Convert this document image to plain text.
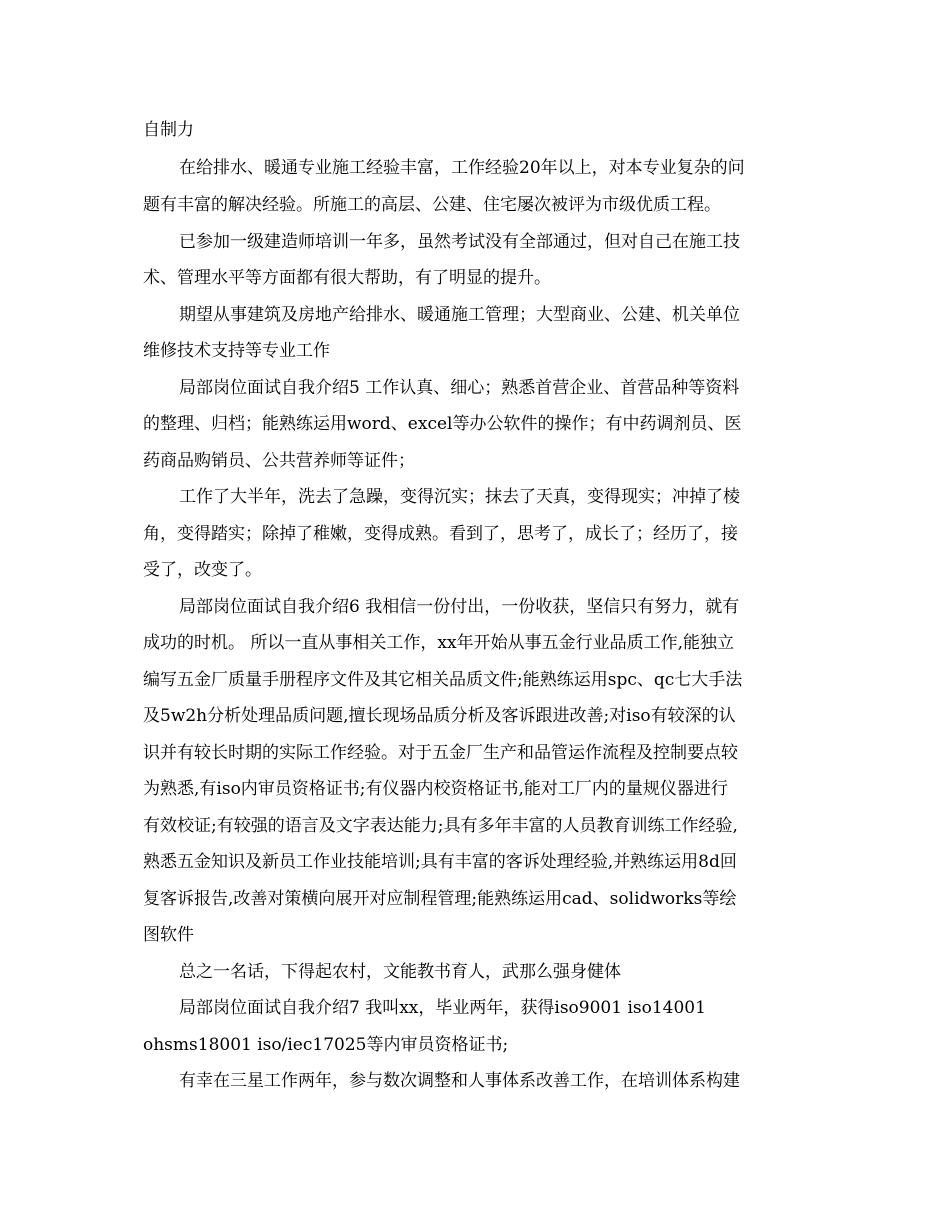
自制力
在给排水、暖通专业施工经验丰富，工作经验20年以上，对本专业复杂的问
题有丰富的解决经验。所施工的高层、公建、住宅屡次被评为市级优质工程。
已参加一级建造师培训一年多，虽然考试没有全部通过，但对自己在施工技
术、管理水平等方面都有很大帮助，有了明显的提升。
期望从事建筑及房地产给排水、暖通施工管理；大型商业、公建、机关单位
维修技术支持等专业工作
局部岗位面试自我介绍5 工作认真、细心；熟悉首营企业、首营品种等资料
的整理、归档；能熟练运用word、excel等办公软件的操作；有中药调剂员、医
药商品购销员、公共营养师等证件；
工作了大半年，洗去了急躁，变得沉实；抹去了天真，变得现实；冲掉了棱
角，变得踏实；除掉了稚嫩，变得成熟。看到了，思考了，成长了；经历了，接
受了，改变了。
局部岗位面试自我介绍6 我相信一份付出，一份收获，坚信只有努力，就有
成功的时机。 所以一直从事相关工作，xx年开始从事五金行业品质工作,能独立
编写五金厂质量手册程序文件及其它相关品质文件;能熟练运用spc、qc七大手法
及5w2h分析处理品质问题,擅长现场品质分析及客诉跟进改善;对iso有较深的认
识并有较长时期的实际工作经验。对于五金厂生产和品管运作流程及控制要点较
为熟悉,有iso内审员资格证书;有仪器内校资格证书,能对工厂内的量规仪器进行
有效校证;有较强的语言及文字表达能力;具有多年丰富的人员教育训练工作经验,
熟悉五金知识及新员工作业技能培训;具有丰富的客诉处理经验,并熟练运用8d回
复客诉报告,改善对策横向展开对应制程管理;能熟练运用cad、solidworks等绘
图软件
总之一名话，下得起农村，文能教书育人，武那么强身健体
局部岗位面试自我介绍7 我叫xx，毕业两年，获得iso9001 iso14001
ohsms18001 iso/iec17025等内审员资格证书;
有幸在三星工作两年，参与数次调整和人事体系改善工作，在培训体系构建
